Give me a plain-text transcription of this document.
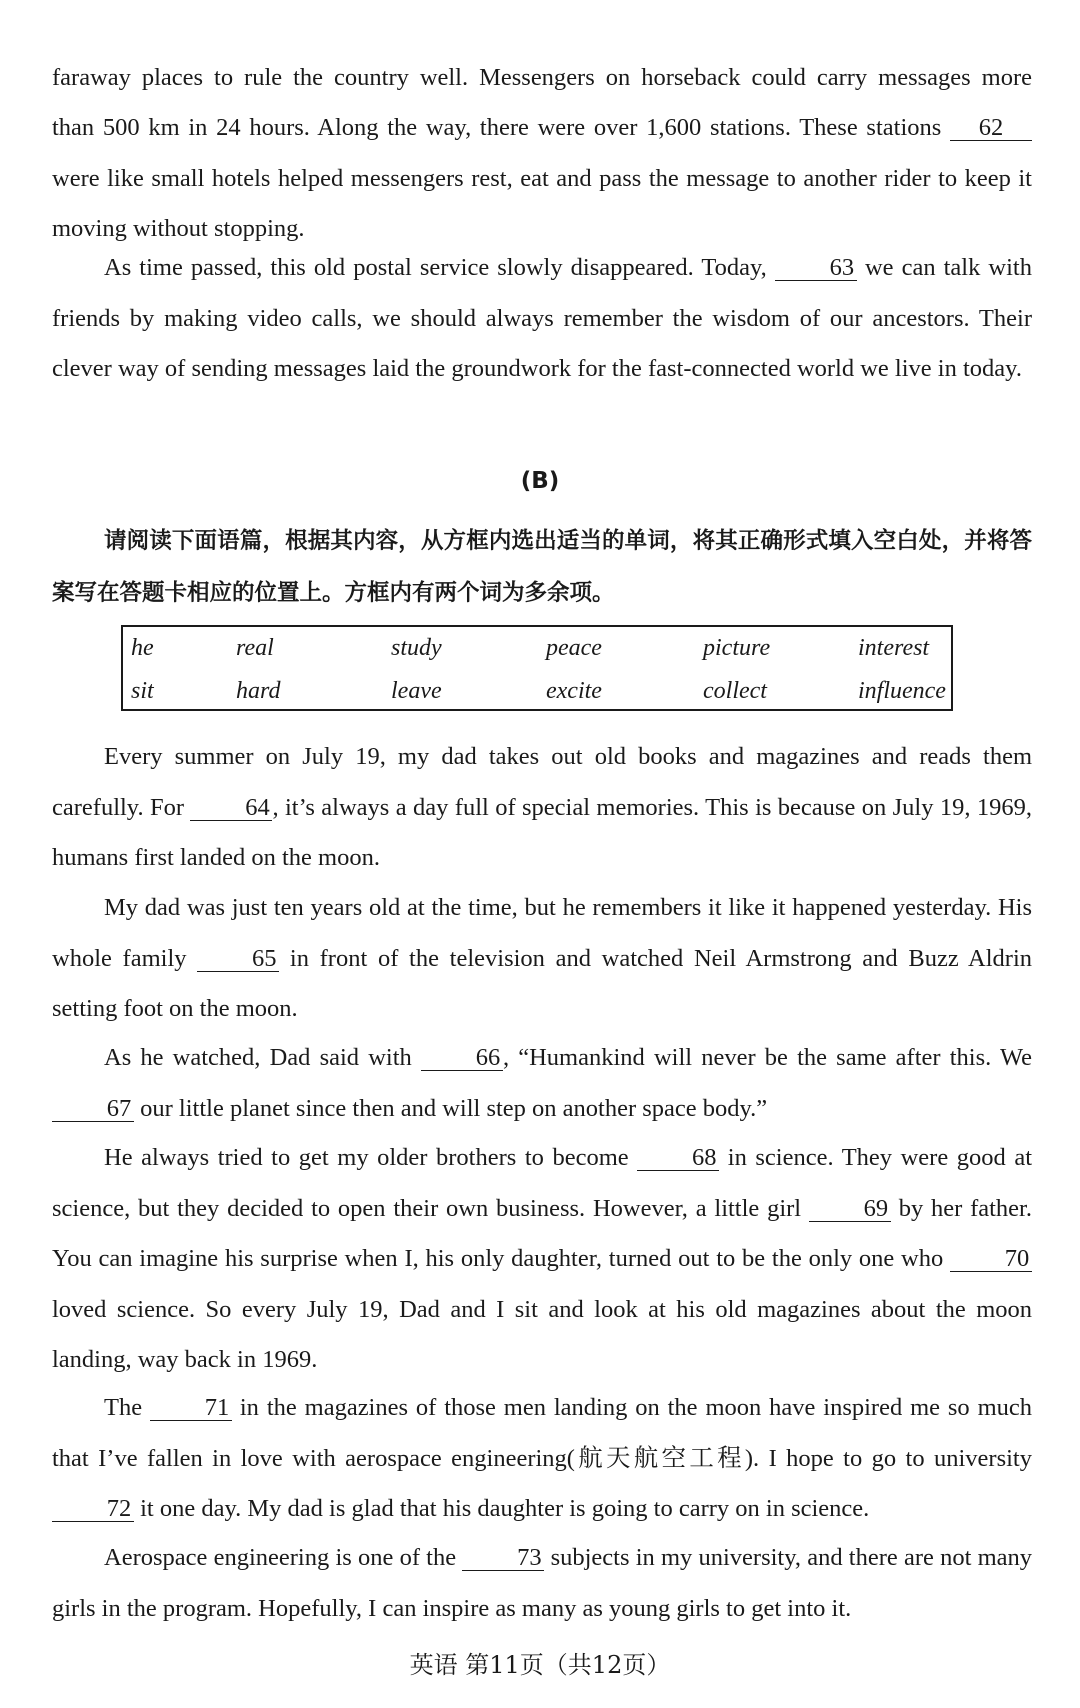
faraway places to rule the country well. Messengers on horseback could carry messages more

than 500 km in 24 hours. Along the way, there were over 1,600 stations. These stations 62 were like small hotels helped messengers rest, eat and pass the message to another rider to keep it moving without stopping.

As time passed, this old postal service slowly disappeared. Today,	63 we can talk with friends by making video calls, we should always remember the wisdom of our ancestors. Their clever way of sending messages laid the groundwork for the fast-connected world we live in today.

(B)

请阅读下面语篇，根据其内容，从方框内选出适当的单词，将其正确形式填入空白处，并将答案写在答题卡相应的位置上。方框内有两个词为多余项。

he	real	study	peace	picture	interest
sit	hard	leave	excite	collect	influence

Every summer on July 19, my dad takes out old books and magazines and reads them carefully. For 64 , it’s always a day full of special memories. This is because on July 19, 1969, humans first landed on the moon.

My dad was just ten years old at the time, but he remembers it like it happened yesterday. His whole family	65 in front of the television and watched Neil Armstrong and Buzz Aldrin setting foot on the moon.

As he watched, Dad said with	66 , “Humankind will never be the same after this. We 67 our little planet since then and will step on another space body.”

He always tried to get my older brothers to become	68 in science. They were good at science, but they decided to open their own business. However, a little girl	69 by her father. You can imagine his surprise when I, his only daughter, turned out to be the only one who	70 loved science. So every July 19, Dad and I sit and look at his old magazines about the moon landing, way back in 1969.

The	71 in the magazines of those men landing on the moon have inspired me so much that I’ve fallen in love with aerospace engineering(航天航空工程). I hope to go to university 72 it one day. My dad is glad that his daughter is going to carry on in science.

Aerospace engineering is one of the 73 subjects in my university, and there are not many girls in the program. Hopefully, I can inspire as many as young girls to get into it.

英语 第11页（共12页）
